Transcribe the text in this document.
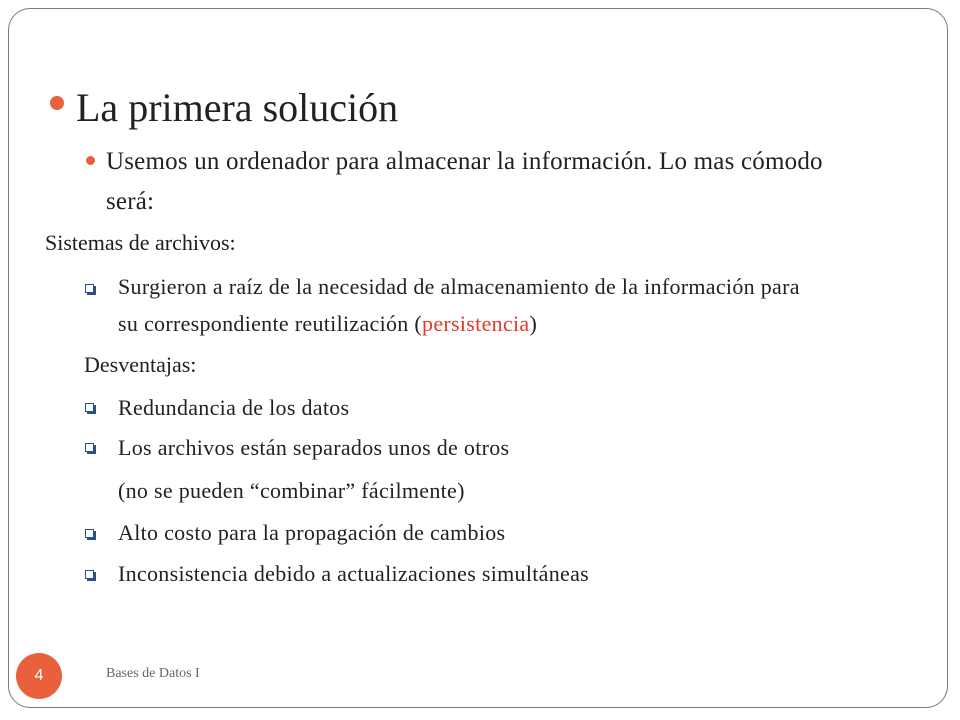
La primera solución
Usemos un ordenador para almacenar la información. Lo mas cómodo
será:
Sistemas de archivos:
Surgieron a raíz de la necesidad de almacenamiento de la información para
su correspondiente reutilización (persistencia)
Desventajas:
Redundancia de los datos
Los archivos están separados unos de otros
(no se pueden “combinar” fácilmente)
Alto costo para la propagación de cambios
Inconsistencia debido a actualizaciones simultáneas
4	Bases de Datos I
